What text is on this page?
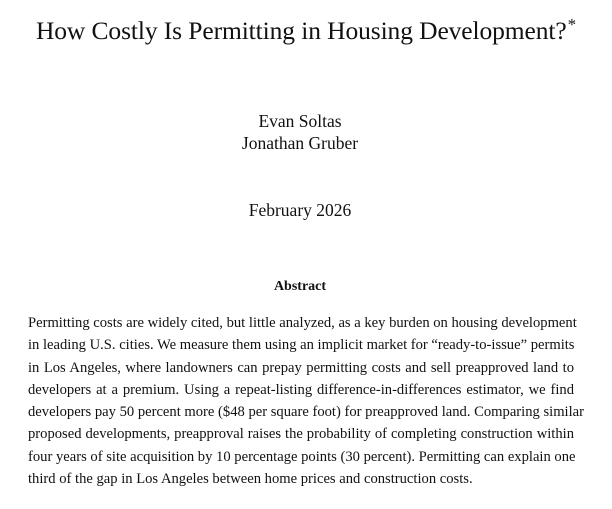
How Costly Is Permitting in Housing Development?*
Evan Soltas
Jonathan Gruber
February 2026
Abstract
Permitting costs are widely cited, but little analyzed, as a key burden on housing development
in leading U.S. cities. We measure them using an implicit market for “ready-to-issue” permits
in Los Angeles, where landowners can prepay permitting costs and sell preapproved land to
developers at a premium. Using a repeat-listing difference-in-differences estimator, we find
developers pay 50 percent more ($48 per square foot) for preapproved land. Comparing similar
proposed developments, preapproval raises the probability of completing construction within
four years of site acquisition by 10 percentage points (30 percent). Permitting can explain one
third of the gap in Los Angeles between home prices and construction costs.
